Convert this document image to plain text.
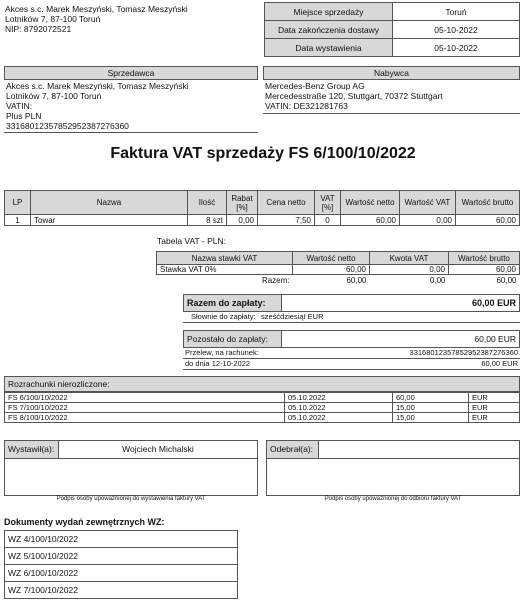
Akces s.c. Marek Meszyński, Tomasz Meszyński
Lotników 7, 87-100 Toruń
NIP: 8792072521
Miejsce sprzedaży	Toruń
Data zakończenia dostawy	05-10-2022
Data wystawienia	05-10-2022
Sprzedawca
Akces s.c. Marek Meszyński, Tomasz Meszyński
Lotników 7, 87-100 Toruń
VATIN:
Plus PLN
33168012357852952387276360
Nabywca
Mercedes-Benz Group AG
Mercedesstraße 120, Stuttgart, 70372 Stuttgart
VATIN: DE321281763
Faktura VAT sprzedaży FS 6/100/10/2022
LP	Nazwa	Ilość	Rabat [%]	Cena netto	VAT [%]	Wartość netto	Wartość VAT	Wartość brutto
1	Towar	8 szt	0,00	7,50	0	60,00	0,00	60,00
Tabela VAT - PLN:
Nazwa stawki VAT	Wartość netto	Kwota VAT	Wartość brutto
Stawka VAT 0%	60,00	0,00	60,00
Razem:	60,00	0,00	60,00
Razem do zapłaty:	60,00 EUR
Słownie do zapłaty: sześćdziesiąt EUR
Pozostało do zapłaty:	60,00 EUR
Przelew, na rachunek:	33168012357852952387276360
do dnia 12-10-2022	60,00 EUR
Rozrachunki nierozliczone:
FS 6/100/10/2022	05.10.2022	60,00	EUR
FS 7/100/10/2022	05.10.2022	15,00	EUR
FS 8/100/10/2022	05.10.2022	15,00	EUR
Wystawił(a):	Wojciech Michalski
Podpis osoby upoważnionej do wystawienia faktury VAT
Odebrał(a):
Podpis osoby upoważnionej do odbioru faktury VAT
Dokumenty wydań zewnętrznych WZ:
WZ 4/100/10/2022
WZ 5/100/10/2022
WZ 6/100/10/2022
WZ 7/100/10/2022
